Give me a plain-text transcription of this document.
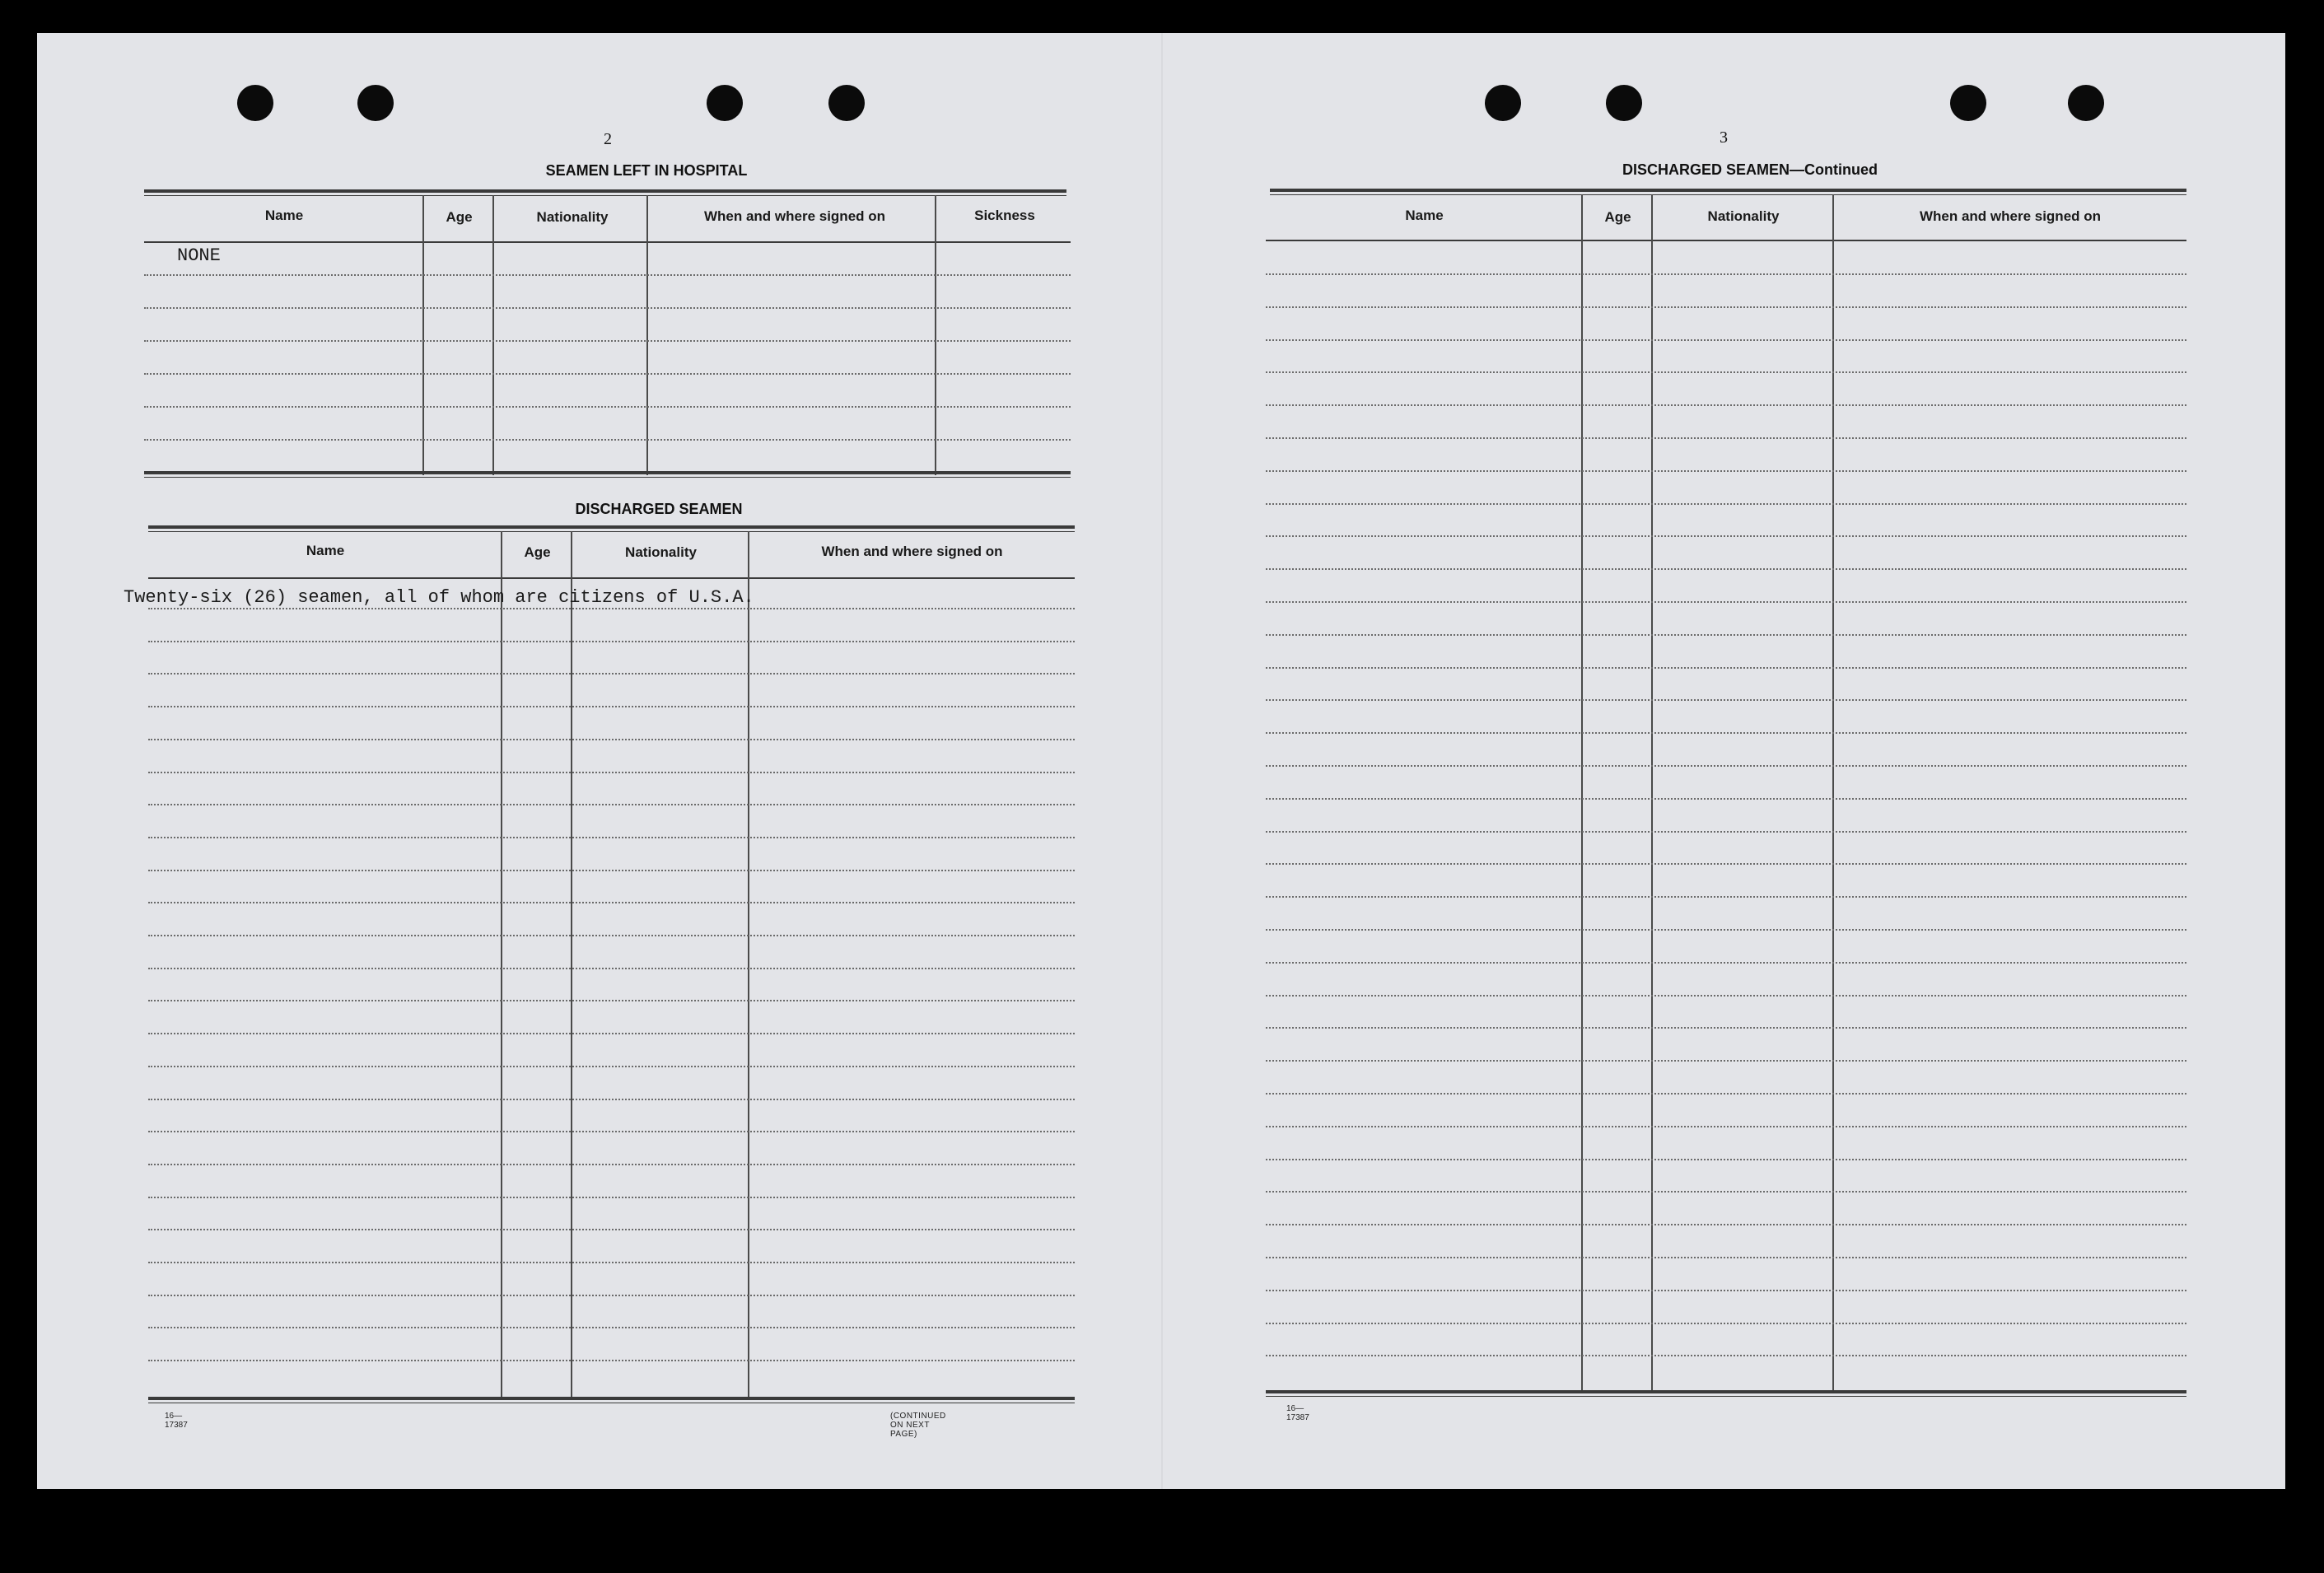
2
SEAMEN LEFT IN HOSPITAL
Name	Age	Nationality	When and where signed on	Sickness
NONE
DISCHARGED SEAMEN
Name	Age	Nationality	When and where signed on
Twenty-six (26) seamen, all of whom are citizens of U.S.A.
16—17387
(CONTINUED ON NEXT PAGE)
3
DISCHARGED SEAMEN—Continued
Name	Age	Nationality	When and where signed on
16—17387
